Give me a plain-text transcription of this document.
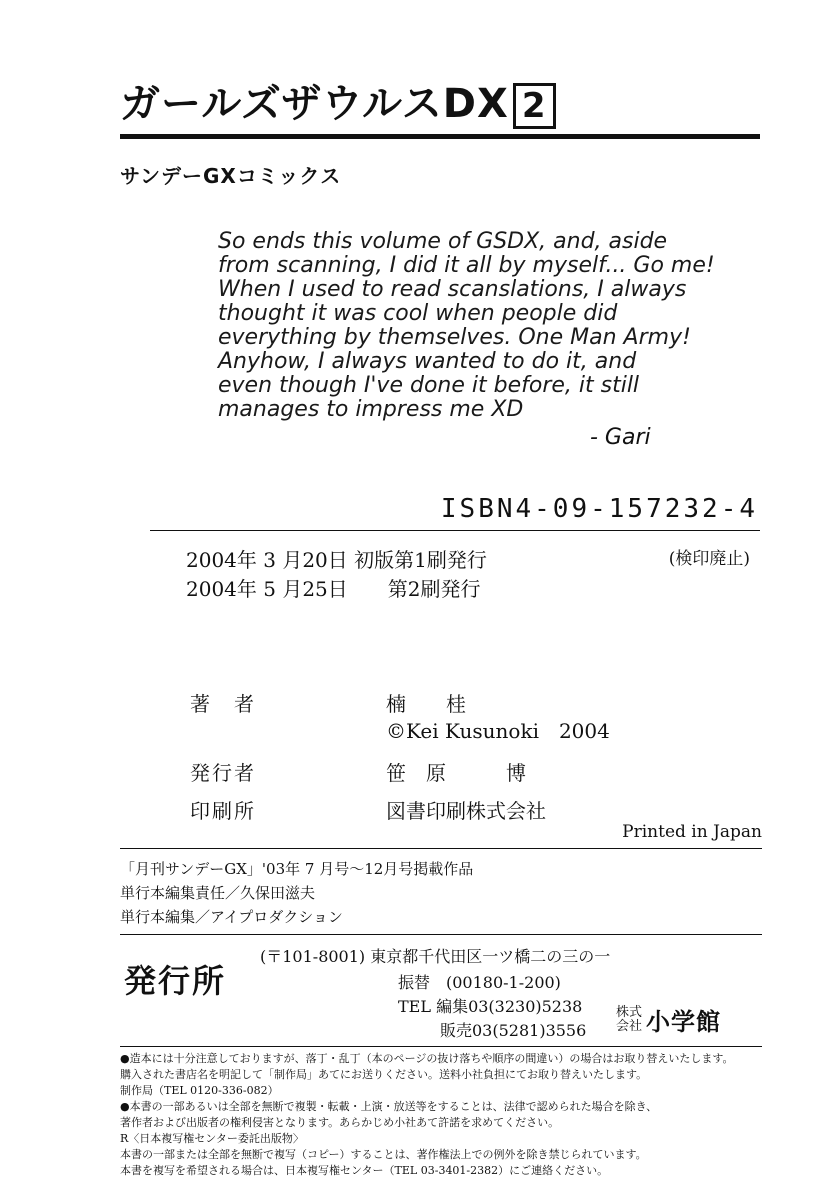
ガールズザウルスDX 2
サンデーGXコミックス
So ends this volume of GSDX, and, aside
from scanning, I did it all by myself... Go me!
When I used to read scanslations, I always
thought it was cool when people did
everything by themselves. One Man Army!
Anyhow, I always wanted to do it, and
even though I've done it before, it still
manages to impress me XD
- Gari
ISBN4-09-157232-4
2004年 3 月20日 初版第1刷発行
2004年 5 月25日　　第2刷発行
(検印廃止)
著　者	楠　　桂
©Kei Kusunoki　2004
発行者	笹　原　　　博
印刷所	図書印刷株式会社
Printed in Japan
「月刊サンデーGX」'03年 7 月号～12月号掲載作品
単行本編集責任／久保田滋夫
単行本編集／アイプロダクション
発行所
(〒101-8001) 東京都千代田区一ツ橋二の三の一
振替　(00180-1-200)
TEL 編集03(3230)5238
販売03(5281)3556
株式
会社 小学館
●造本には十分注意しておりますが、落丁・乱丁（本のページの抜け落ちや順序の間違い）の場合はお取り替えいたします。
購入された書店名を明記して「制作局」あてにお送りください。送料小社負担にてお取り替えいたします。
制作局（TEL 0120-336-082）
●本書の一部あるいは全部を無断で複製・転載・上演・放送等をすることは、法律で認められた場合を除き、
著作者および出版者の権利侵害となります。あらかじめ小社あて許諾を求めてください。
R〈日本複写権センター委託出版物〉
本書の一部または全部を無断で複写（コピー）することは、著作権法上での例外を除き禁じられています。
本書を複写を希望される場合は、日本複写権センター（TEL 03-3401-2382）にご連絡ください。
